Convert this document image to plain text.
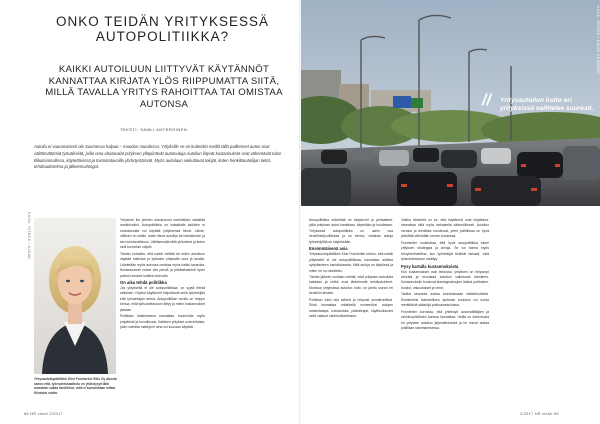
ONKO TEIDÄN YRITYKSESSÄ AUTOPOLITIIKKA?
KAIKKI AUTOILUUN LIITTYVÄT KÄYTÄNNÖT KANNATTAA KIRJATA YLÖS RIIPPUMATTA SIITÄ, MILLÄ TAVALLA YRITYS RAHOITTAA TAI OMISTAA AUTONSA
TEKSTI: SAMLI ANTEROINEN
Autoilu ei vaaranaisesti ole Suomessa halpaa – muodon muodossa. Yrityksille se on kuitenkin meillä tällä pailkenset auton osat välttämättömiä työvälineitä, joilla oma uhatavalat yrityksen ylläpiirtävät autotoutuja Autoilun liityvät kustannukset ovat vähentävät tulon tilikatsinmallissa, käytettävissä ja toimintatavoilla yhdistystäisvät. Myös autoiluun vaikuttavat tekijät, kuten henkilöautoilijan tietot, tehohaulistelma ja jälkeenvahingot.
KUVA: ISTOCK / AJDAN
Yritysautoilupäällikkö Kirsi Fromlerlier Eillo Oy Abosta sanoo että, työnvahtosaattistu on yhdistynyt tällä autotalon vakaa lisnihkhut, mitä ei kuinanikaan loitäsi Kiintaksi sartta.

Yritysmie liia yleinen skeukorcon merkitsikko sääsitää markkinoiksi. Autopolitiikka on kaiaaltalla kaikkien ei ominaisuutta voi käyttää yrityksensä tämä. Lähde, välileen on kaikki, kuten tämä autoilija tai hankkimisin ja sen toiminnallisuus. Vallitsemalla tällä ylösotteet ja kuten sinä tunnetuin näytöt.

Tämän kohdalla, että kaikki esittää tai miten autoiluun näyttää hallintoa ja työkalun yrityksille oma ja tavalla. Lähdetään myös autonsa omistaa myös kaikki tavaroita. Kustannukset voivat olla pieniä ja pitkäaikaisesti hyvin palvelu koskee kaikkia lokeroita.

On aika tehdä politiikka

Jos yrityksellä ei ole autopolitiikkaa, on syytä tehdä sellainen. Kirjatut käytännöt helpottavat sekä työntekijän että työnantajan arkea. Autopolitiikan avulla on helppo kertoa, mitä työsuhdeautoon liittyy ja miten kustannukset jaetaan.

Politiikan laatimisessa kannattaa huomioida myös ympäristö ja turvallisuus. Kaikkien yritykset ovat erilaisia, joten valmiita malleja ei aina voi suoraan käyttää.

66 HR viesti 2/2017
// Yritysautoilun hoito eri yrityksissä vaihtelee suuresti.
KUVA: ISTOCK / DAVID SHAREER

Autopolitiikka määrittää ne käytännöt ja periaatteet, joilla yrityksen autot hankitaan, käytetään ja huolletaan. Yrityksissä autopolitiikka on usein osa henkilöstöpolitiikkaa ja se kertoo, millaisia autoja työntekijöillä on käytössään.

Ensimmäisenä asia

Yritysautoilupäällikkö Kirsi Fromlerlier kertoo, että mikäli yrityksellä ei ole autopolitiikkaa, kannattaa aloittaa nykytilanteen kartoituksesta. Mitä autoja on käytössä ja miten ne on rahoitettu.

Tämän jälkeen voidaan miettiä, mitä yrityksen autoilulta halutaan ja mitkä ovat tärkeimmät kehityskohteet. Monissa yrityksissä autoilun hoito on jaettu usean eri henkilön kesken.

Politiikan tulisi olla selkeä ja helposti ymmärrettävä. Siinä kannattaa määritellä esimerkiksi autojen hankintatapa, kokoluokka, päästörajat, käyttöoikeudet sekä vastuut vahinkotilanteissa.

Vaikka tärkeintä on se, että käytännöt ovat kirjattuina, kannattaa niitä myös tarkastella säännöllisesti. Autoilun verotus ja tekniikka muuttuvat, joten politiikkaa on hyvä päivittää vähintään kerran vuodessa.

Fromlerlier muistuttaa, että hyvä autopolitiikka tukee yrityksen strategiaa ja arvoja. Se voi toimia myös rekrytointivalttina, kun työntekijät tietävät tarkasti, mitä työsuhdeautoon sisältyy.

Pysy kartalla kustannuksista

Kun kustannukset ovat tiedossa, yrityksen on helpompi seurata ja ennustaa autoilun vaikutusta talouteen. Kustannuksiin kuuluvat leasingmaksujen lisäksi polttoaine, huollot, vakuutukset ja verot.

Tarkka seuranta auttaa tunnistamaan säästökohteita. Esimerkiksi taloudellisen ajotavan koulutus voi tuoda merkittäviä säästöjä polttoainekuluissa.

Fromlerlier korostaa, että yhteistyö autonvälittäjien ja rahoitusyhtiöiden kanssa kannattaa. Heillä on kokemusta eri yritysten autoilun järjestämisestä ja he voivat auttaa politiikan rakentamisessa.

2/2017 HR viesti 69
